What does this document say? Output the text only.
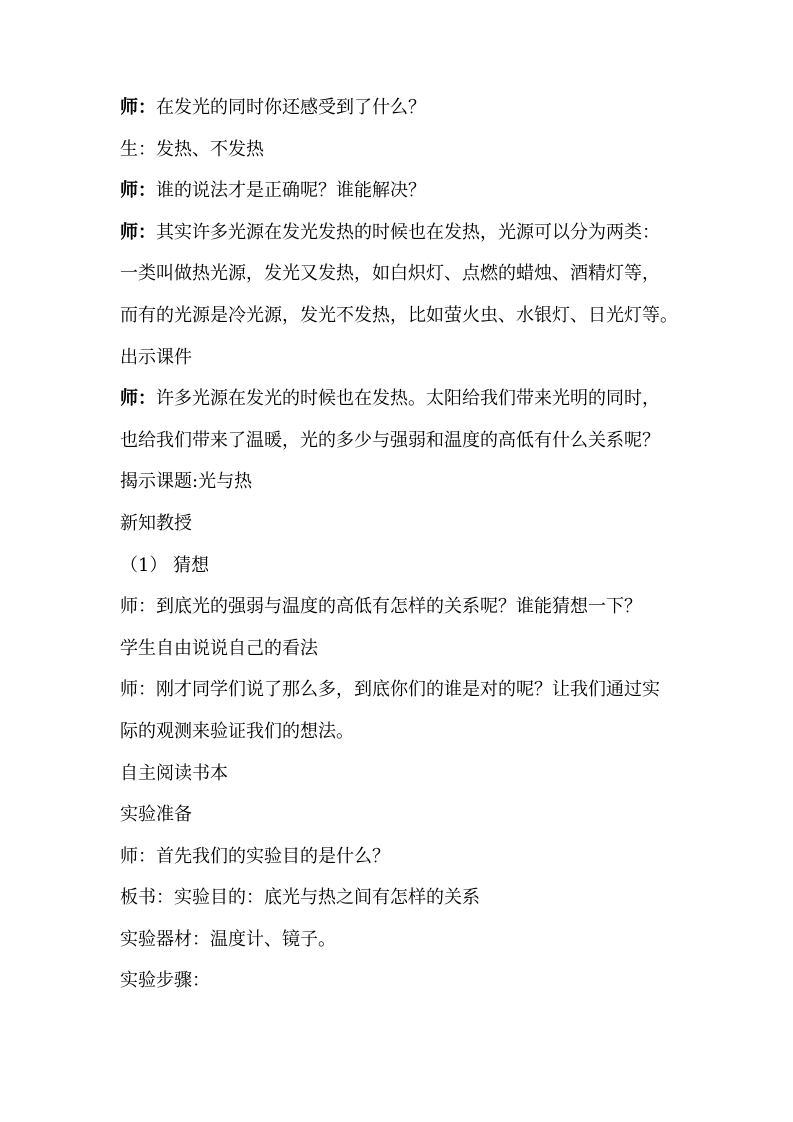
师：在发光的同时你还感受到了什么？
生：发热、不发热
师：谁的说法才是正确呢？谁能解决？
师：其实许多光源在发光发热的时候也在发热，光源可以分为两类：
一类叫做热光源，发光又发热，如白炽灯、点燃的蜡烛、酒精灯等，
而有的光源是冷光源，发光不发热，比如萤火虫、水银灯、日光灯等。
出示课件
师：许多光源在发光的时候也在发热。太阳给我们带来光明的同时，
也给我们带来了温暖，光的多少与强弱和温度的高低有什么关系呢？
揭示课题:光与热
新知教授
（1） 猜想
师：到底光的强弱与温度的高低有怎样的关系呢？谁能猜想一下？
学生自由说说自己的看法
师：刚才同学们说了那么多，到底你们的谁是对的呢？让我们通过实
际的观测来验证我们的想法。
自主阅读书本
实验准备
师：首先我们的实验目的是什么？
板书：实验目的：底光与热之间有怎样的关系
实验器材：温度计、镜子。
实验步骤：
